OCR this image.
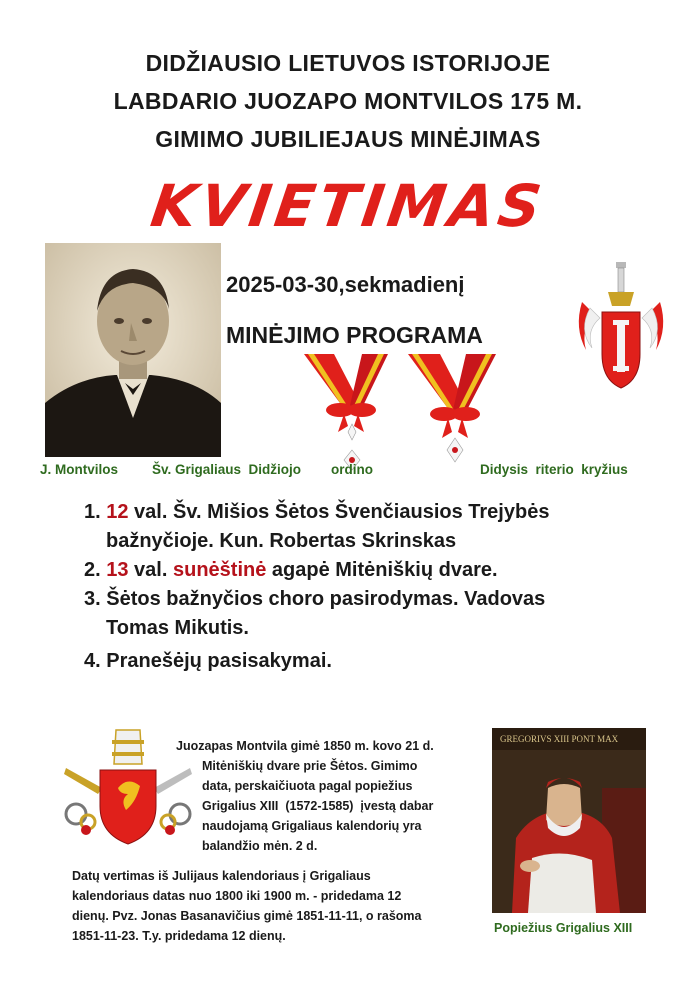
DIDŽIAUSIO LIETUVOS ISTORIJOJE
LABDARIO JUOZAPO MONTVILOS 175 M.
GIMIMO JUBILIEJAUS MINĖJIMAS
KVIETIMAS
2025-03-30,sekmadienį
MINĖJIMO PROGRAMA
J. Montvilos	Šv. Grigaliaus  Didžiojo        ordino	Didysis  riterio  kryžius
1. 12 val. Šv. Mišios Šėtos Švenčiausios Trejybės
bažnyčioje. Kun. Robertas Skrinskas
2. 13 val. sunėštinė agapė Mitėniškių dvare.
3. Šėtos bažnyčios choro pasirodymas. Vadovas
Tomas Mikutis.
4. Pranešėjų pasisakymai.
Juozapas Montvila gimė 1850 m. kovo 21 d.
Mitėniškių dvare prie Šėtos. Gimimo
data, perskaičiuota pagal popiežius
Grigalius XIII  (1572-1585)  įvestą dabar
naudojamą Grigaliaus kalendorių yra
balandžio mėn. 2 d.
Datų vertimas iš Julijaus kalendoriaus į Grigaliaus
kalendoriaus datas nuo 1800 iki 1900 m. - pridedama 12
dienų. Pvz. Jonas Basanavičius gimė 1851-11-11, o rašoma
1851-11-23. T.y. pridedama 12 dienų.
GREGORIVS XIII PONT MAX
Popiežius Grigalius XIII
